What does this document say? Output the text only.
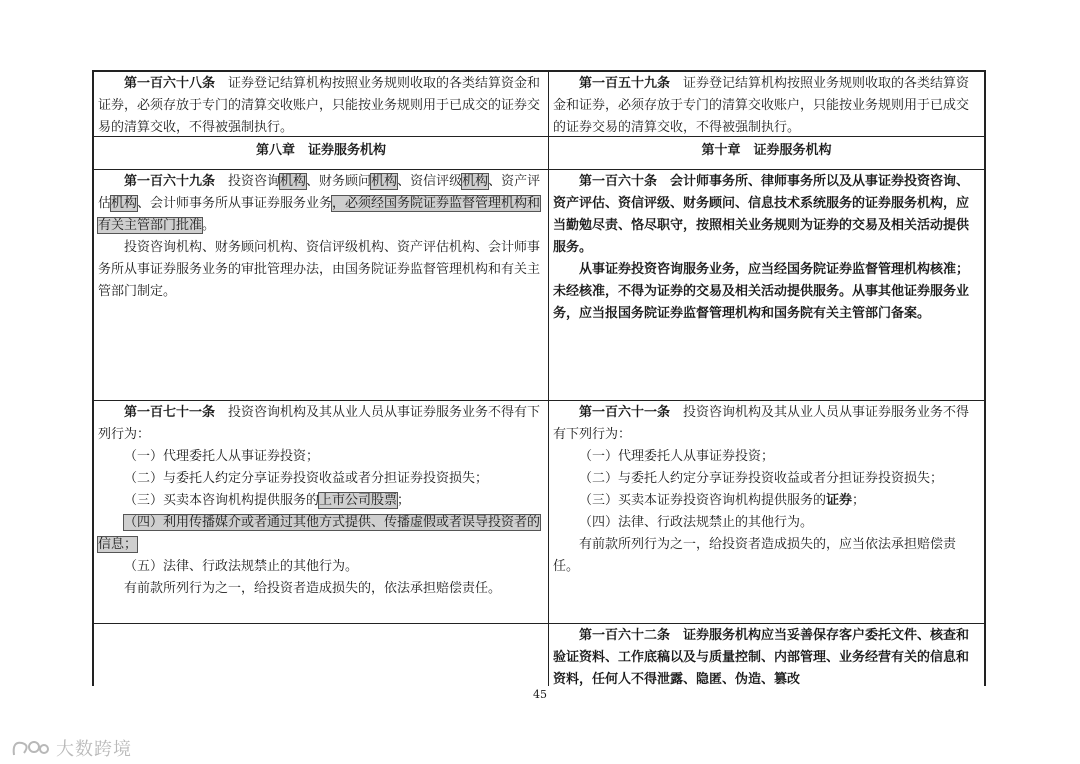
第一百六十八条　证券登记结算机构按照业务规则收取的各类结算资金和证券，必须存放于专门的清算交收账户，只能按业务规则用于已成交的证券交易的清算交收，不得被强制执行。

第一百五十九条　证券登记结算机构按照业务规则收取的各类结算资金和证券，必须存放于专门的清算交收账户，只能按业务规则用于已成交的证券交易的清算交收，不得被强制执行。

第八章　证券服务机构	第十章　证券服务机构

第一百六十九条　投资咨询机构、财务顾问机构、资信评级机构、资产评估机构、会计师事务所从事证券服务业务，必须经国务院证券监督管理机构和有关主管部门批准。

投资咨询机构、财务顾问机构、资信评级机构、资产评估机构、会计师事务所从事证券服务业务的审批管理办法，由国务院证券监督管理机构和有关主管部门制定。

第一百六十条　会计师事务所、律师事务所以及从事证券投资咨询、资产评估、资信评级、财务顾问、信息技术系统服务的证券服务机构，应当勤勉尽责、恪尽职守，按照相关业务规则为证券的交易及相关活动提供服务。

从事证券投资咨询服务业务，应当经国务院证券监督管理机构核准；未经核准，不得为证券的交易及相关活动提供服务。从事其他证券服务业务，应当报国务院证券监督管理机构和国务院有关主管部门备案。

第一百七十一条　投资咨询机构及其从业人员从事证券服务业务不得有下列行为：

（一）代理委托人从事证券投资；

（二）与委托人约定分享证券投资收益或者分担证券投资损失；

（三）买卖本咨询机构提供服务的上市公司股票；

（四）利用传播媒介或者通过其他方式提供、传播虚假或者误导投资者的信息；

（五）法律、行政法规禁止的其他行为。

有前款所列行为之一，给投资者造成损失的，依法承担赔偿责任。

第一百六十一条　投资咨询机构及其从业人员从事证券服务业务不得有下列行为：

（一）代理委托人从事证券投资；

（二）与委托人约定分享证券投资收益或者分担证券投资损失；

（三）买卖本证券投资咨询机构提供服务的证券；

（四）法律、行政法规禁止的其他行为。

有前款所列行为之一，给投资者造成损失的，应当依法承担赔偿责任。

第一百六十二条　证券服务机构应当妥善保存客户委托文件、核查和验证资料、工作底稿以及与质量控制、内部管理、业务经营有关的信息和资料，任何人不得泄露、隐匿、伪造、篡改

45
大数跨境
